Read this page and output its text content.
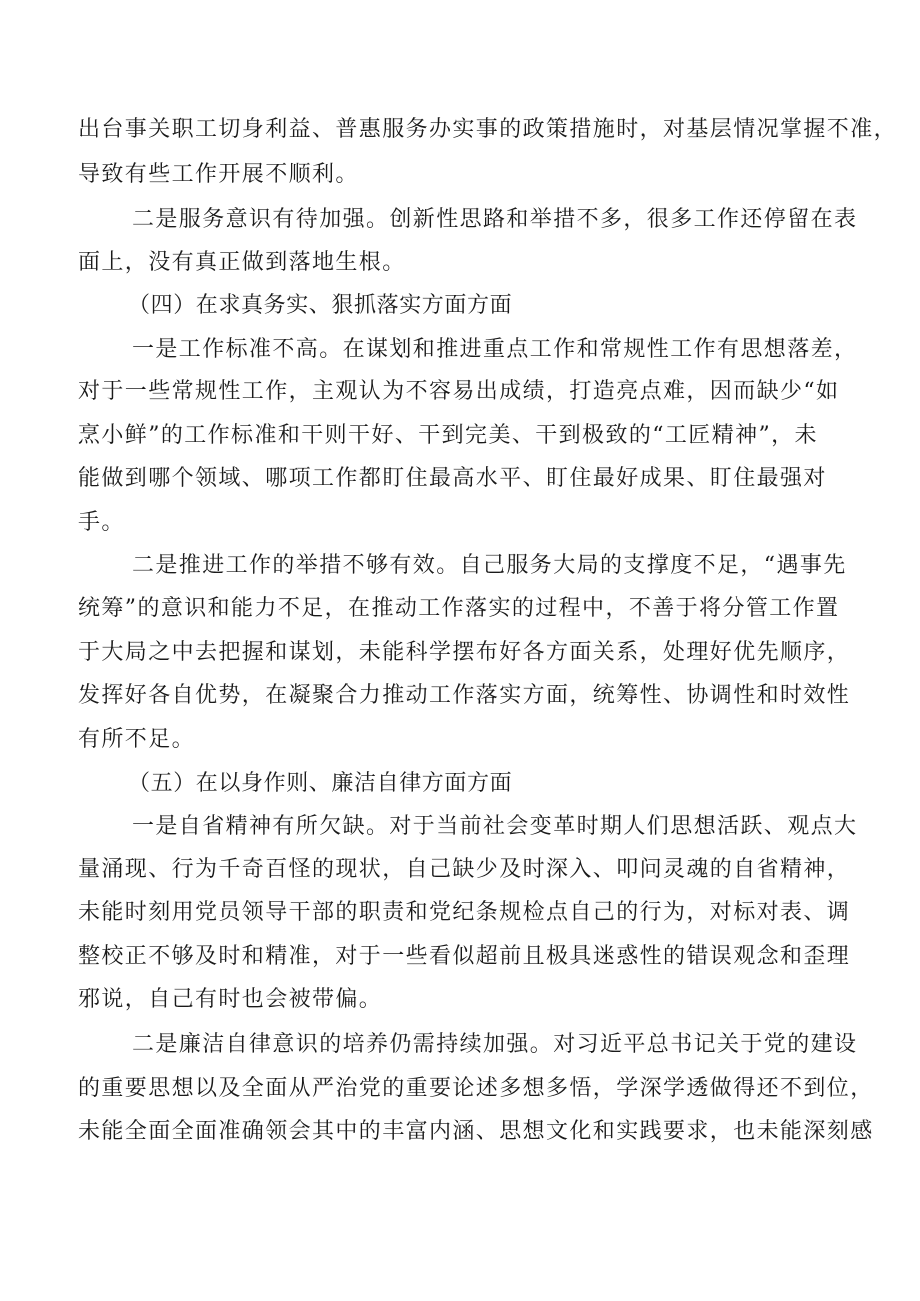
出台事关职工切身利益、普惠服务办实事的政策措施时，对基层情况掌握不准，
导致有些工作开展不顺利。
二是服务意识有待加强。创新性思路和举措不多，很多工作还停留在表
面上，没有真正做到落地生根。
（四）在求真务实、狠抓落实方面方面
一是工作标准不高。在谋划和推进重点工作和常规性工作有思想落差，
对于一些常规性工作，主观认为不容易出成绩，打造亮点难，因而缺少“如
烹小鲜”的工作标准和干则干好、干到完美、干到极致的“工匠精神”，未
能做到哪个领域、哪项工作都盯住最高水平、盯住最好成果、盯住最强对
手。
二是推进工作的举措不够有效。自己服务大局的支撑度不足，“遇事先
统筹”的意识和能力不足，在推动工作落实的过程中，不善于将分管工作置
于大局之中去把握和谋划，未能科学摆布好各方面关系，处理好优先顺序，
发挥好各自优势，在凝聚合力推动工作落实方面，统筹性、协调性和时效性
有所不足。
（五）在以身作则、廉洁自律方面方面
一是自省精神有所欠缺。对于当前社会变革时期人们思想活跃、观点大
量涌现、行为千奇百怪的现状，自己缺少及时深入、叩问灵魂的自省精神，
未能时刻用党员领导干部的职责和党纪条规检点自己的行为，对标对表、调
整校正不够及时和精准，对于一些看似超前且极具迷惑性的错误观念和歪理
邪说，自己有时也会被带偏。
二是廉洁自律意识的培养仍需持续加强。对习近平总书记关于党的建设
的重要思想以及全面从严治党的重要论述多想多悟，学深学透做得还不到位，
未能全面全面准确领会其中的丰富内涵、思想文化和实践要求，也未能深刻感
